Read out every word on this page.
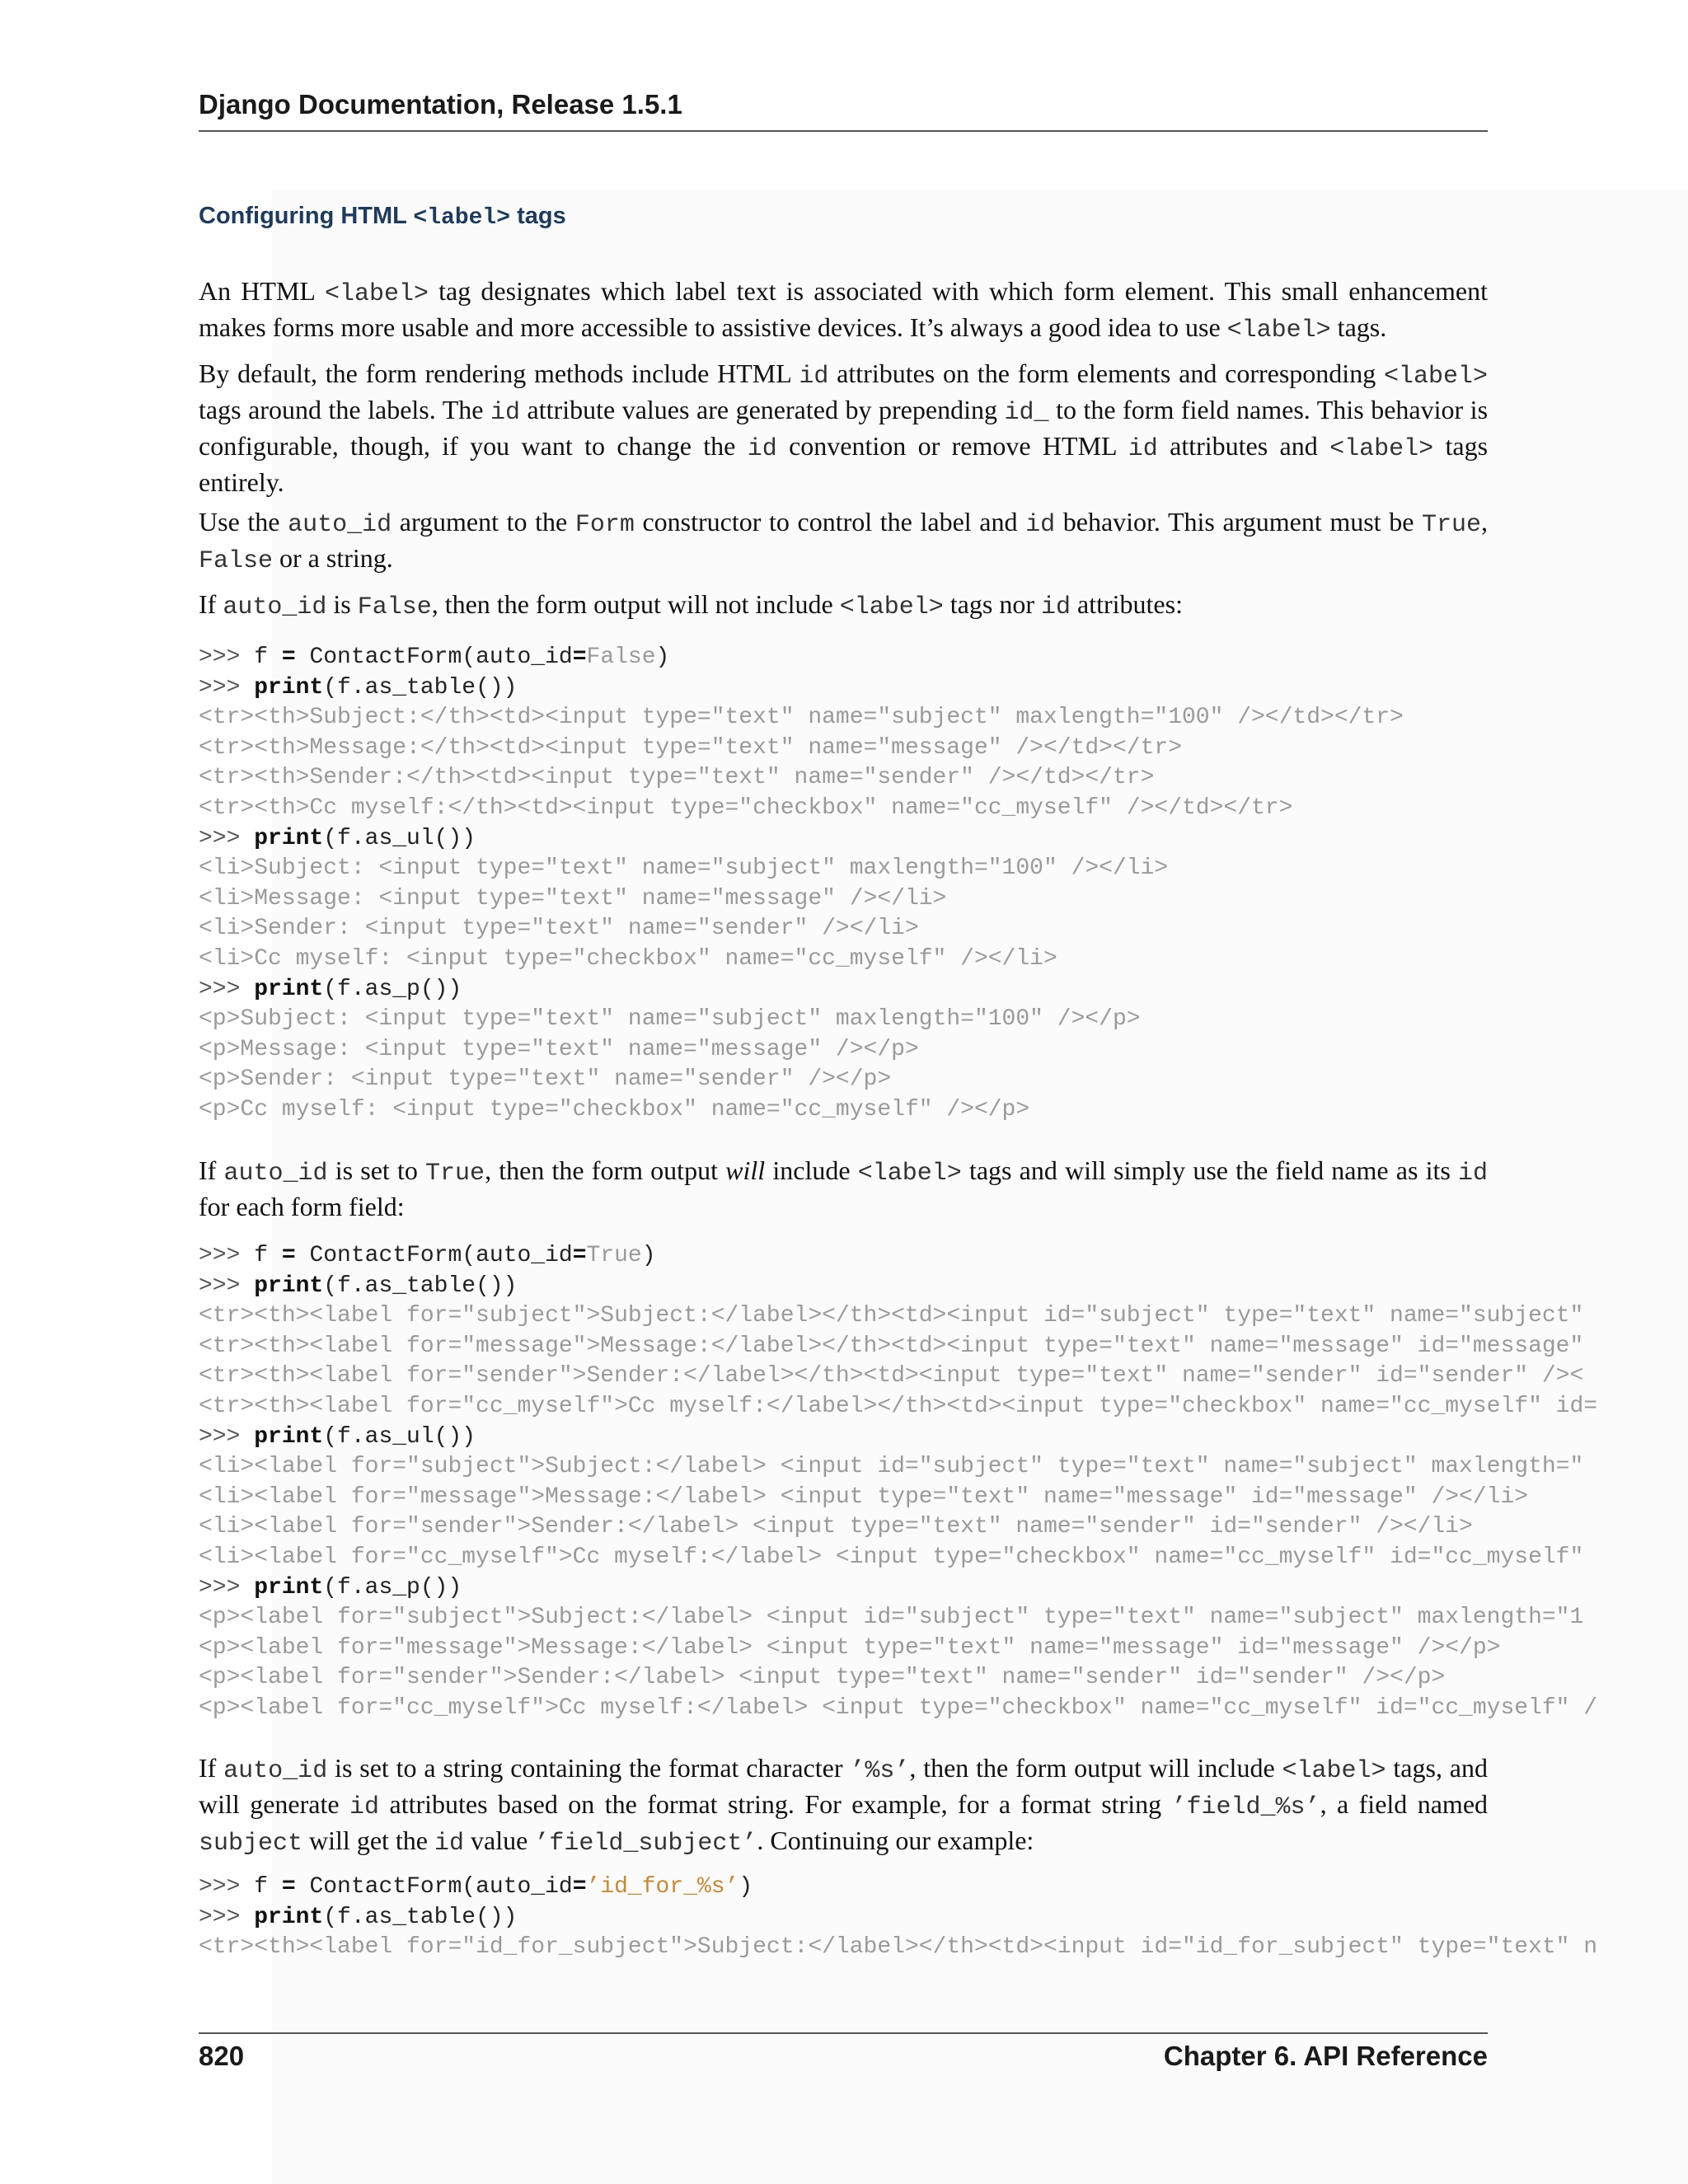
Django Documentation, Release 1.5.1
Configuring HTML <label> tags

An HTML <label> tag designates which label text is associated with which form element. This small enhancement makes forms more usable and more accessible to assistive devices. It’s always a good idea to use <label> tags.

By default, the form rendering methods include HTML id attributes on the form elements and corresponding <label> tags around the labels. The id attribute values are generated by prepending id_ to the form field names. This behavior is configurable, though, if you want to change the id convention or remove HTML id attributes and <label> tags entirely.

Use the auto_id argument to the Form constructor to control the label and id behavior. This argument must be True, False or a string.

If auto_id is False, then the form output will not include <label> tags nor id attributes:

>>> f = ContactForm(auto_id=False)
>>> print(f.as_table())
<tr><th>Subject:</th><td><input type="text" name="subject" maxlength="100" /></td></tr>
<tr><th>Message:</th><td><input type="text" name="message" /></td></tr>
<tr><th>Sender:</th><td><input type="text" name="sender" /></td></tr>
<tr><th>Cc myself:</th><td><input type="checkbox" name="cc_myself" /></td></tr>
>>> print(f.as_ul())
<li>Subject: <input type="text" name="subject" maxlength="100" /></li>
<li>Message: <input type="text" name="message" /></li>
<li>Sender: <input type="text" name="sender" /></li>
<li>Cc myself: <input type="checkbox" name="cc_myself" /></li>
>>> print(f.as_p())
<p>Subject: <input type="text" name="subject" maxlength="100" /></p>
<p>Message: <input type="text" name="message" /></p>
<p>Sender: <input type="text" name="sender" /></p>
<p>Cc myself: <input type="checkbox" name="cc_myself" /></p>

If auto_id is set to True, then the form output will include <label> tags and will simply use the field name as its id for each form field:

>>> f = ContactForm(auto_id=True)
>>> print(f.as_table())
<tr><th><label for="subject">Subject:</label></th><td><input id="subject" type="text" name="subject"
<tr><th><label for="message">Message:</label></th><td><input type="text" name="message" id="message"
<tr><th><label for="sender">Sender:</label></th><td><input type="text" name="sender" id="sender" /><
<tr><th><label for="cc_myself">Cc myself:</label></th><td><input type="checkbox" name="cc_myself" id=
>>> print(f.as_ul())
<li><label for="subject">Subject:</label> <input id="subject" type="text" name="subject" maxlength="
<li><label for="message">Message:</label> <input type="text" name="message" id="message" /></li>
<li><label for="sender">Sender:</label> <input type="text" name="sender" id="sender" /></li>
<li><label for="cc_myself">Cc myself:</label> <input type="checkbox" name="cc_myself" id="cc_myself"
>>> print(f.as_p())
<p><label for="subject">Subject:</label> <input id="subject" type="text" name="subject" maxlength="1
<p><label for="message">Message:</label> <input type="text" name="message" id="message" /></p>
<p><label for="sender">Sender:</label> <input type="text" name="sender" id="sender" /></p>
<p><label for="cc_myself">Cc myself:</label> <input type="checkbox" name="cc_myself" id="cc_myself" /

If auto_id is set to a string containing the format character ’%s’, then the form output will include <label> tags, and will generate id attributes based on the format string. For example, for a format string ’field_%s’, a field named subject will get the id value ’field_subject’. Continuing our example:

>>> f = ContactForm(auto_id=’id_for_%s’)
>>> print(f.as_table())
<tr><th><label for="id_for_subject">Subject:</label></th><td><input id="id_for_subject" type="text" n
820	Chapter 6. API Reference
